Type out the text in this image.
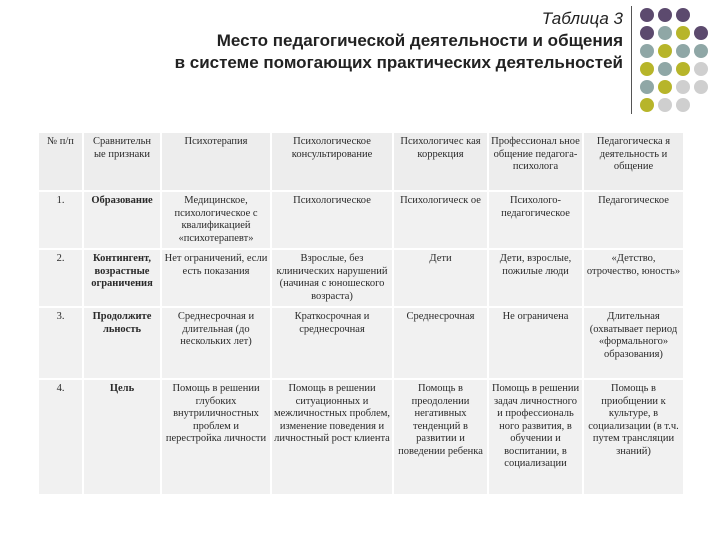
Таблица 3
Место педагогической деятельности и общения
в системе помогающих практических деятельностей
№ п/п	Сравнительн ые признаки	Психотерапия	Психологическое консультирование	Психологичес кая коррекция	Профессионал ьное общение педагога-психолога	Педагогическа я деятельность и общение
1.	Образование	Медицинское, психологическое с квалификацией «психотерапевт»	Психологическое	Психологическ ое	Психолого-педагогическое	Педагогическое
2.	Контингент, возрастные ограничения	Нет ограничений, если есть показания	Взрослые, без клинических нарушений (начиная с юношеского возраста)	Дети	Дети, взрослые, пожилые люди	«Детство, отрочество, юность»
3.	Продолжите льность	Среднесрочная и длительная (до нескольких лет)	Краткосрочная и среднесрочная	Среднесрочная	Не ограничена	Длительная (охватывает период «формального» образования)
4.	Цель	Помощь в решении глубоких внутриличностных проблем и перестройка личности	Помощь в решении ситуационных и межличностных проблем, изменение поведения и личностный рост клиента	Помощь в преодолении негативных тенденций в развитии и поведении ребенка	Помощь в решении задач личностного и профессиональ ного развития, в обучении и воспитании, в социализации	Помощь в приобщении к культуре, в социализации (в т.ч. путем трансляции знаний)
